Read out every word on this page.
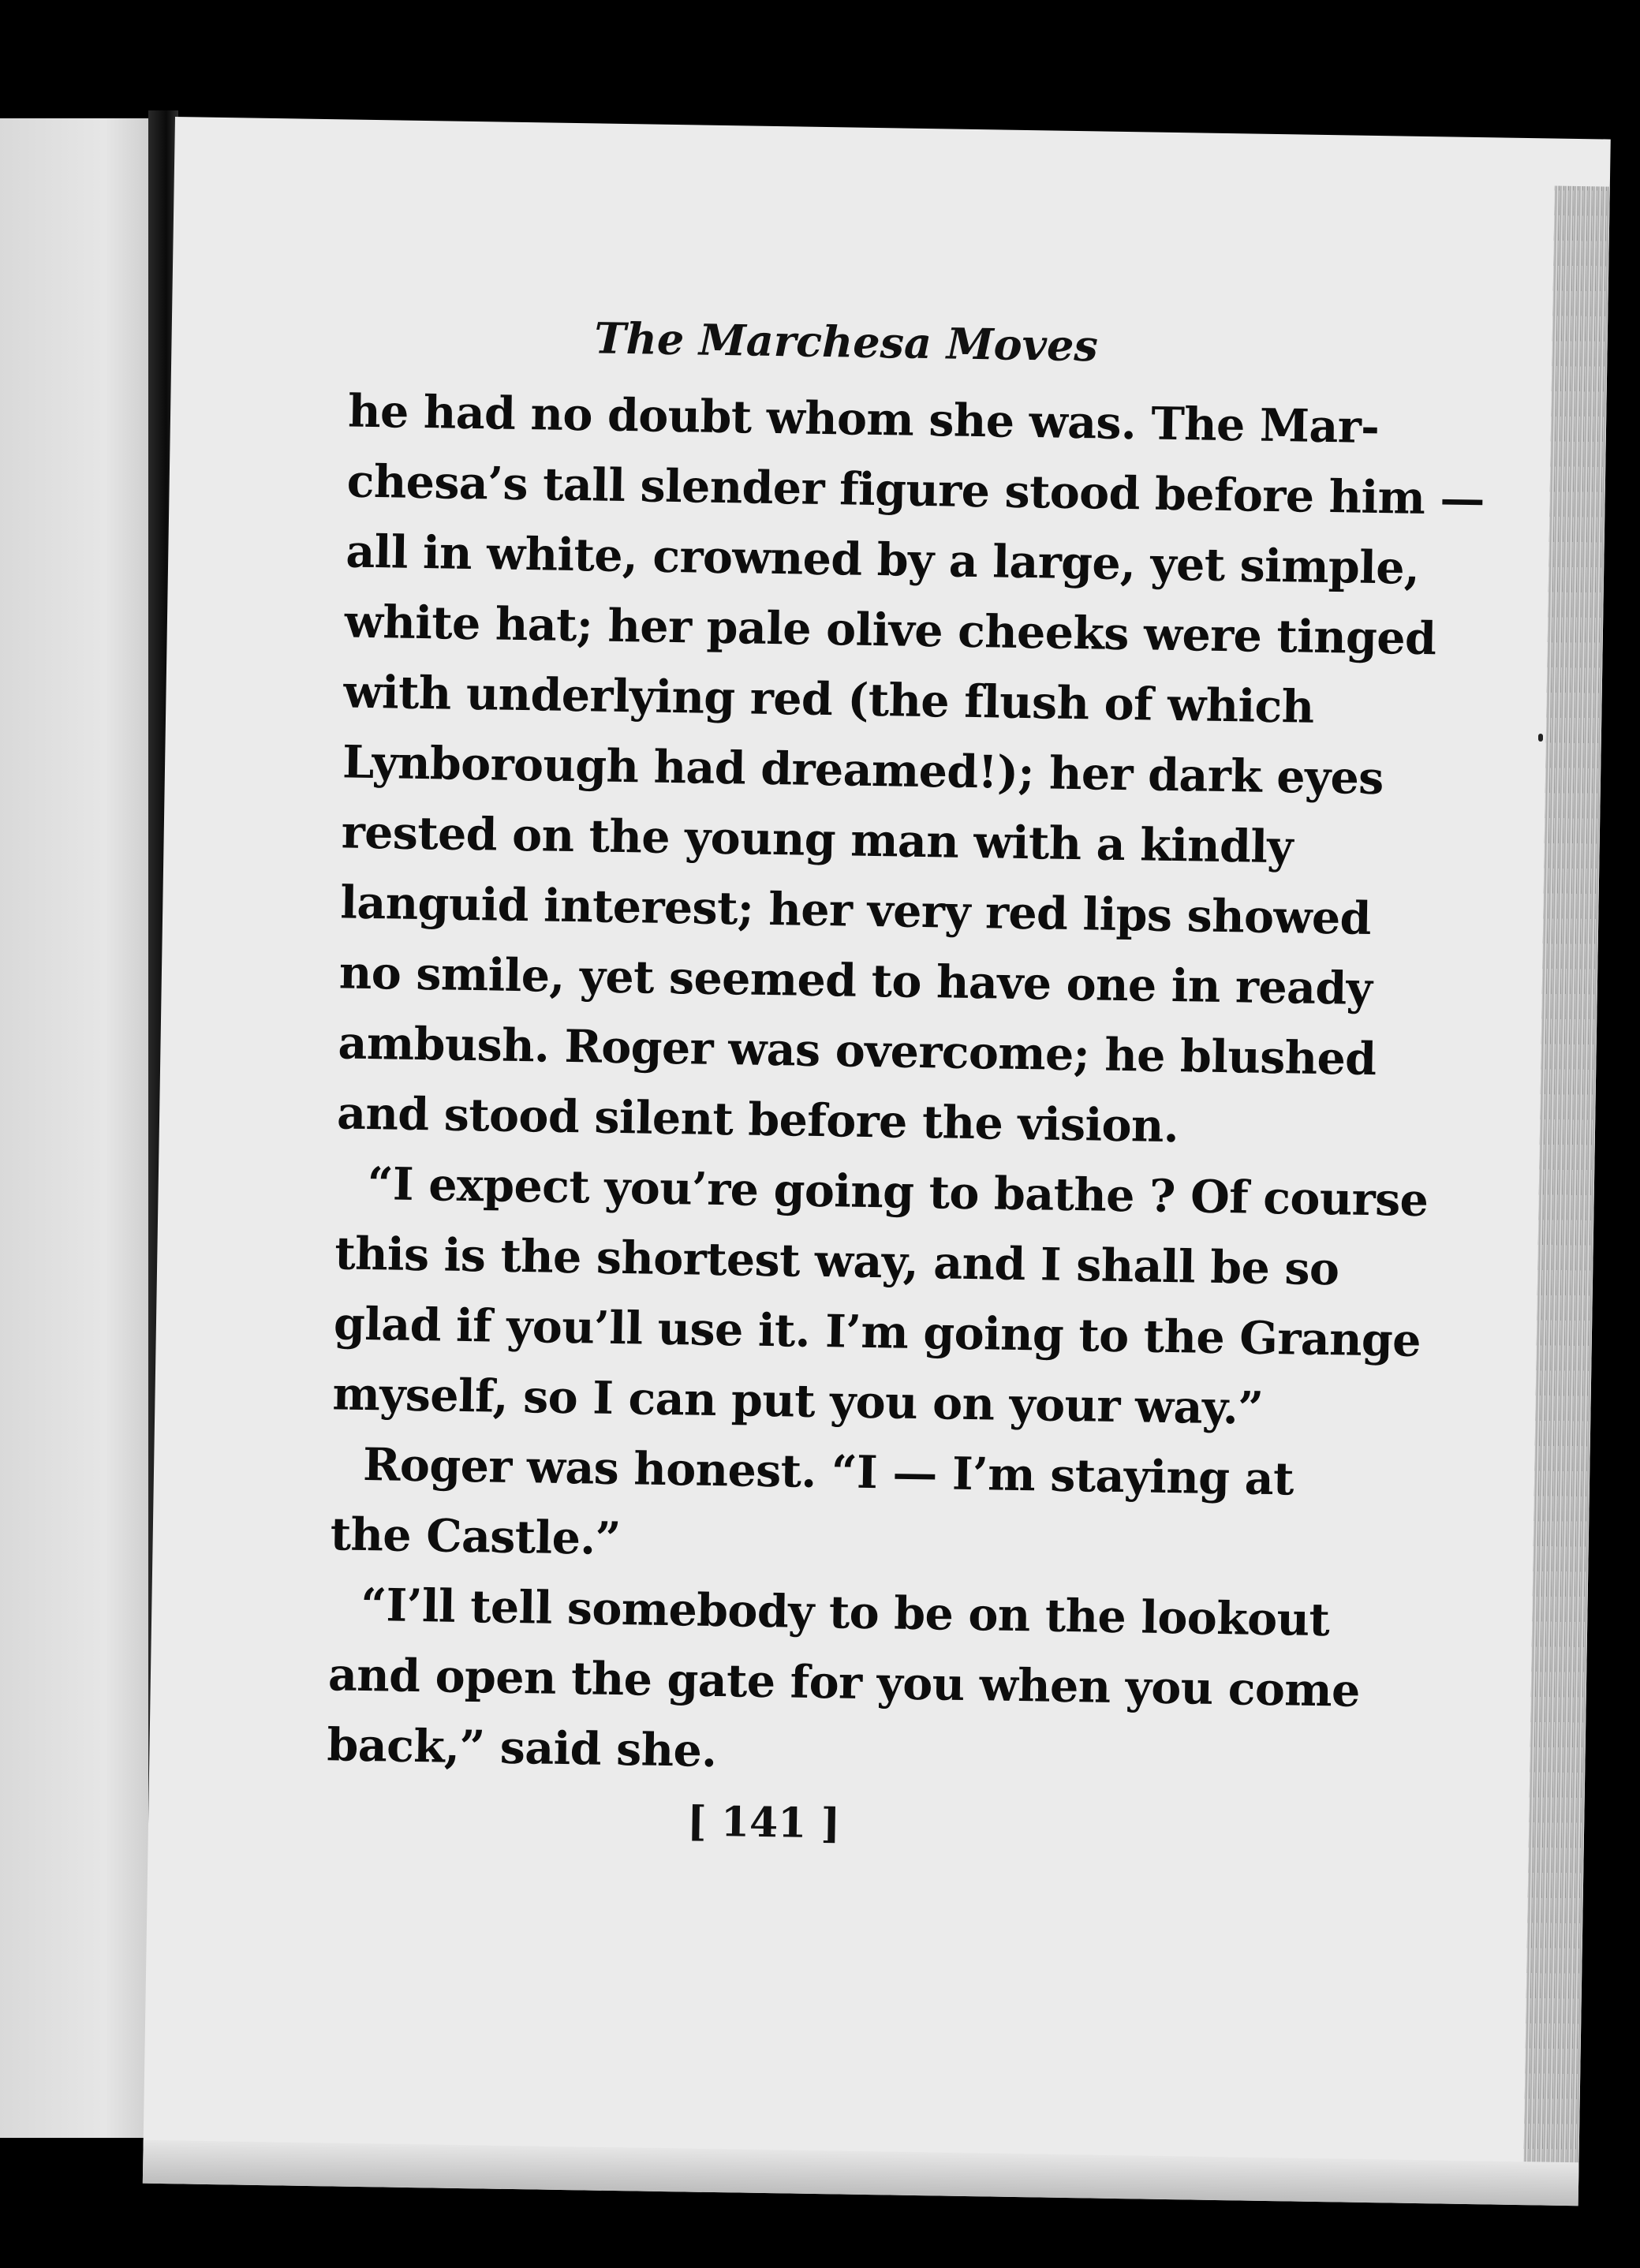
The Marchesa Moves
he had no doubt whom she was. The Mar-
chesa’s tall slender figure stood before him —
all in white, crowned by a large, yet simple,
white hat; her pale olive cheeks were tinged
with underlying red (the flush of which
Lynborough had dreamed!); her dark eyes
rested on the young man with a kindly
languid interest; her very red lips showed
no smile, yet seemed to have one in ready
ambush. Roger was overcome; he blushed
and stood silent before the vision.
“I expect you’re going to bathe ? Of course
this is the shortest way, and I shall be so
glad if you’ll use it. I’m going to the Grange
myself, so I can put you on your way.”
Roger was honest. “I — I’m staying at
the Castle.”
“I’ll tell somebody to be on the lookout
and open the gate for you when you come
back,” said she.
[ 141 ]
